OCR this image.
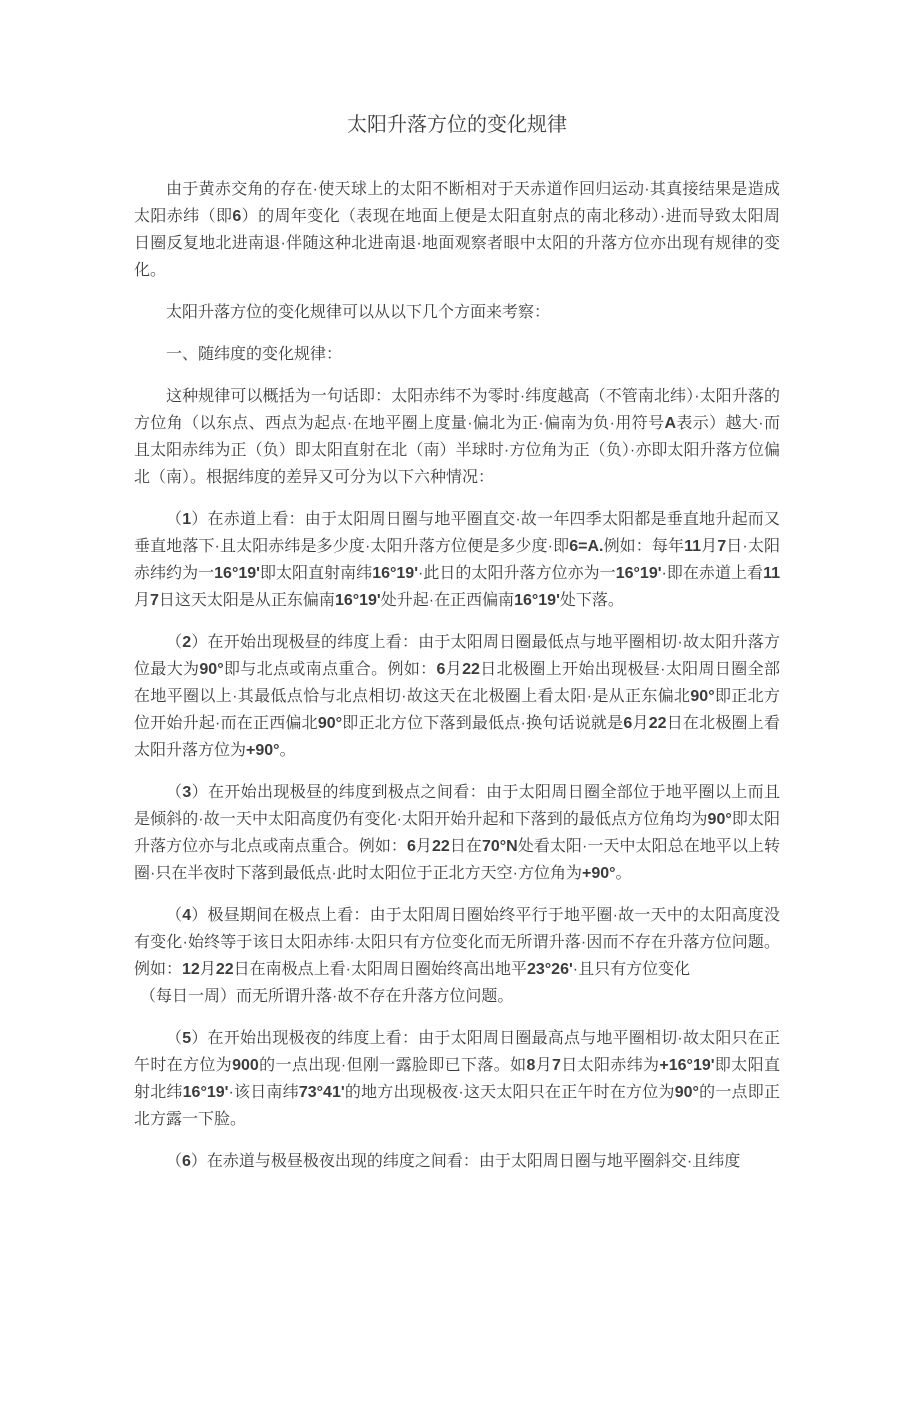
太阳升落方位的变化规律

由于黄赤交角的存在·使天球上的太阳不断相对于天赤道作回归运动·其真接结果是造成太阳赤纬（即6）的周年变化（表现在地面上便是太阳直射点的南北移动）·进而导致太阳周日圈反复地北进南退·伴随这种北进南退·地面观察者眼中太阳的升落方位亦出现有规律的变化。

太阳升落方位的变化规律可以从以下几个方面来考察：

一、随纬度的变化规律：

这种规律可以概括为一句话即：太阳赤纬不为零时·纬度越高（不管南北纬）·太阳升落的方位角（以东点、西点为起点·在地平圈上度量·偏北为正·偏南为负·用符号A表示）越大·而且太阳赤纬为正（负）即太阳直射在北（南）半球时·方位角为正（负）·亦即太阳升落方位偏北（南）。根据纬度的差异又可分为以下六种情况：

（1）在赤道上看：由于太阳周日圈与地平圈直交·故一年四季太阳都是垂直地升起而又垂直地落下·且太阳赤纬是多少度·太阳升落方位便是多少度·即6=A.例如：每年11月7日·太阳赤纬约为一16°19'即太阳直射南纬16°19'·此日的太阳升落方位亦为一16°19'·即在赤道上看11月7日这天太阳是从正东偏南16°19'处升起·在正西偏南16°19'处下落。

（2）在开始出现极昼的纬度上看：由于太阳周日圈最低点与地平圈相切·故太阳升落方位最大为90°即与北点或南点重合。例如：6月22日北极圈上开始出现极昼·太阳周日圈全部在地平圈以上·其最低点恰与北点相切·故这天在北极圈上看太阳·是从正东偏北90°即正北方位开始升起·而在正西偏北90°即正北方位下落到最低点·换句话说就是6月22日在北极圈上看太阳升落方位为+90°。

（3）在开始出现极昼的纬度到极点之间看：由于太阳周日圈全部位于地平圈以上而且是倾斜的·故一天中太阳高度仍有变化·太阳开始升起和下落到的最低点方位角均为90°即太阳升落方位亦与北点或南点重合。例如：6月22日在70°N处看太阳·一天中太阳总在地平以上转圈·只在半夜时下落到最低点·此时太阳位于正北方天空·方位角为+90°。

（4）极昼期间在极点上看：由于太阳周日圈始终平行于地平圈·故一天中的太阳高度没有变化·始终等于该日太阳赤纬·太阳只有方位变化而无所谓升落·因而不存在升落方位问题。例如：12月22日在南极点上看·太阳周日圈始终高出地平23°26'·且只有方位变化

（每日一周）而无所谓升落·故不存在升落方位问题。

（5）在开始出现极夜的纬度上看：由于太阳周日圈最高点与地平圈相切·故太阳只在正午时在方位为900的一点出现·但刚一露脸即已下落。如8月7日太阳赤纬为+16°19'即太阳直射北纬16°19'·该日南纬73°41'的地方出现极夜·这天太阳只在正午时在方位为90°的一点即正北方露一下脸。

（6）在赤道与极昼极夜出现的纬度之间看：由于太阳周日圈与地平圈斜交·且纬度
